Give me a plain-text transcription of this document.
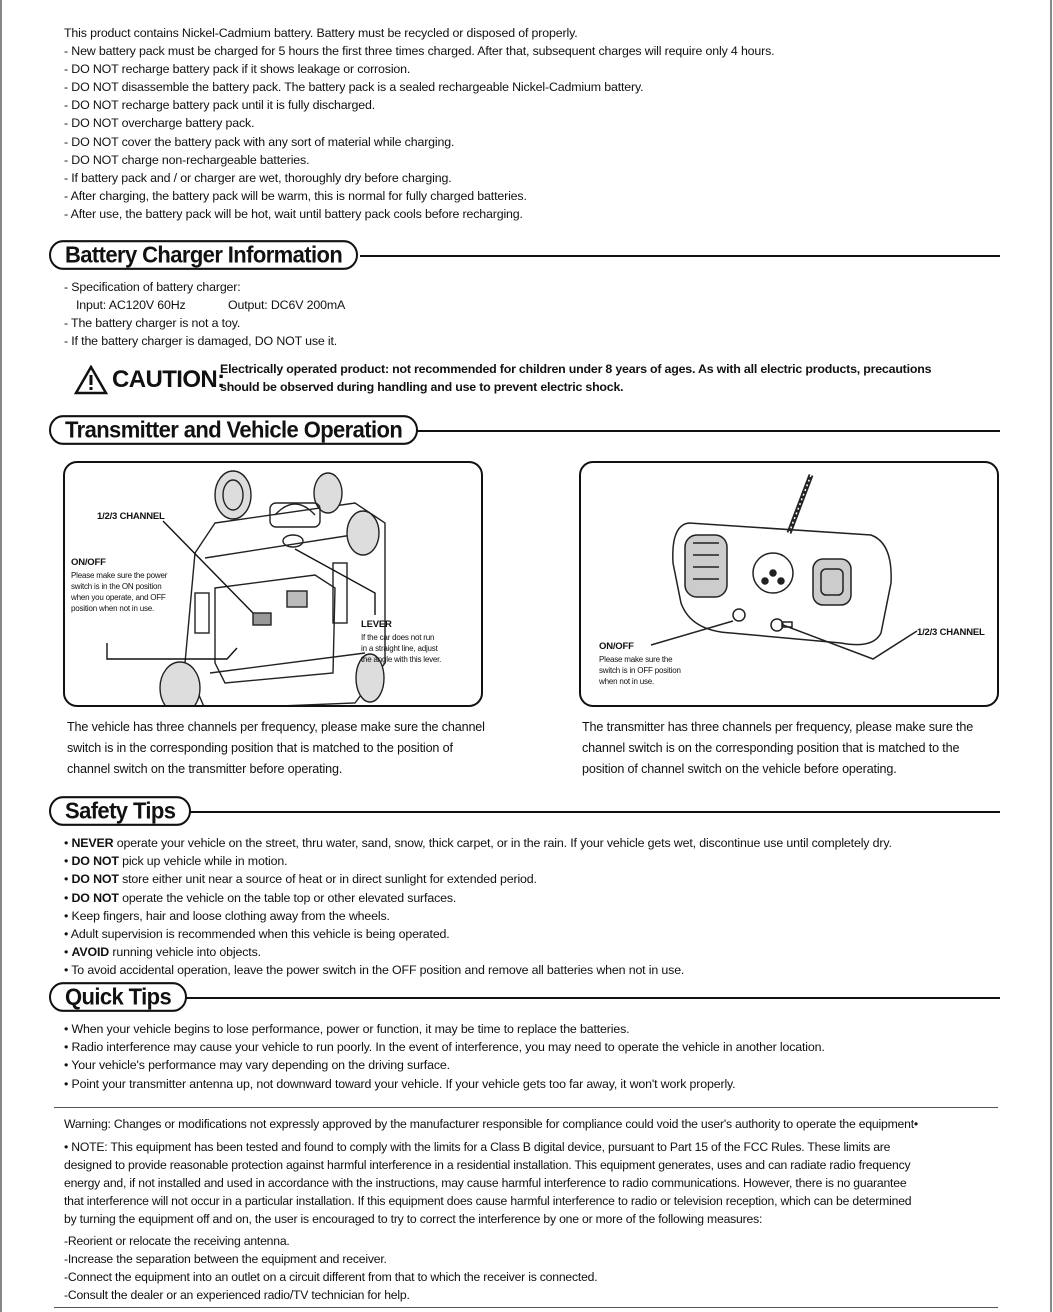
This product contains Nickel-Cadmium battery. Battery must be recycled or disposed of properly.
- New battery pack must be charged for 5 hours the first three times charged. After that, subsequent charges will require only 4 hours.
- DO NOT recharge battery pack if it shows leakage or corrosion.
- DO NOT disassemble the battery pack. The battery pack is a sealed rechargeable Nickel-Cadmium battery.
- DO NOT recharge battery pack until it is fully discharged.
- DO NOT overcharge battery pack.
- DO NOT cover the battery pack with any sort of material while charging.
- DO NOT charge non-rechargeable batteries.
- If battery pack and / or charger are wet, thoroughly dry before charging.
- After charging, the battery pack will be warm, this is normal for fully charged batteries.
- After use, the battery pack will be hot, wait until battery pack cools before recharging.
Battery Charger Information
- Specification of battery charger:
Input: AC120V 60Hz	Output: DC6V 200mA
- The battery charger is not a toy.
- If the battery charger is damaged, DO NOT use it.
CAUTION:
Electrically operated product: not recommended for children under 8 years of ages. As with all electric products, precautions
should be observed during handling and use to prevent electric shock.
Transmitter and Vehicle Operation
1/2/3 CHANNEL
ON/OFF
Please make sure the power
switch is in the ON position
when you operate, and OFF
position when not in use.
LEVER
If the car does not run
in a straight line, adjust
the angle with this lever.
1/2/3 CHANNEL
ON/OFF
Please make sure the
switch is in OFF position
when not in use.
The vehicle has three channels per frequency, please make sure the channel
switch is in the corresponding position that is matched to the position of
channel switch on the transmitter before operating.
The transmitter has three channels per frequency, please make sure the
channel switch is on the corresponding position that is matched to the
position of channel switch on the vehicle before operating.
Safety Tips
• NEVER operate your vehicle on the street, thru water, sand, snow, thick carpet, or in the rain. If your vehicle gets wet, discontinue use until completely dry.
• DO NOT pick up vehicle while in motion.
• DO NOT store either unit near a source of heat or in direct sunlight for extended period.
• DO NOT operate the vehicle on the table top or other elevated surfaces.
• Keep fingers, hair and loose clothing away from the wheels.
• Adult supervision is recommended when this vehicle is being operated.
• AVOID running vehicle into objects.
• To avoid accidental operation, leave the power switch in the OFF position and remove all batteries when not in use.
Quick Tips
• When your vehicle begins to lose performance, power or function, it may be time to replace the batteries.
• Radio interference may cause your vehicle to run poorly. In the event of interference, you may need to operate the vehicle in another location.
• Your vehicle's performance may vary depending on the driving surface.
• Point your transmitter antenna up, not downward toward your vehicle. If your vehicle gets too far away, it won't work properly.
Warning: Changes or modifications not expressly approved by the manufacturer responsible for compliance could void the user's authority to operate the equipment•
• NOTE: This equipment has been tested and found to comply with the limits for a Class B digital device, pursuant to Part 15 of the FCC Rules. These limits are
designed to provide reasonable protection against harmful interference in a residential installation. This equipment generates, uses and can radiate radio frequency
energy and, if not installed and used in accordance with the instructions, may cause harmful interference to radio communications. However, there is no guarantee
that interference will not occur in a particular installation. If this equipment does cause harmful interference to radio or television reception, which can be determined
by turning the equipment off and on, the user is encouraged to try to correct the interference by one or more of the following measures:
-Reorient or relocate the receiving antenna.
-Increase the separation between the equipment and receiver.
-Connect the equipment into an outlet on a circuit different from that to which the receiver is connected.
-Consult the dealer or an experienced radio/TV technician for help.
